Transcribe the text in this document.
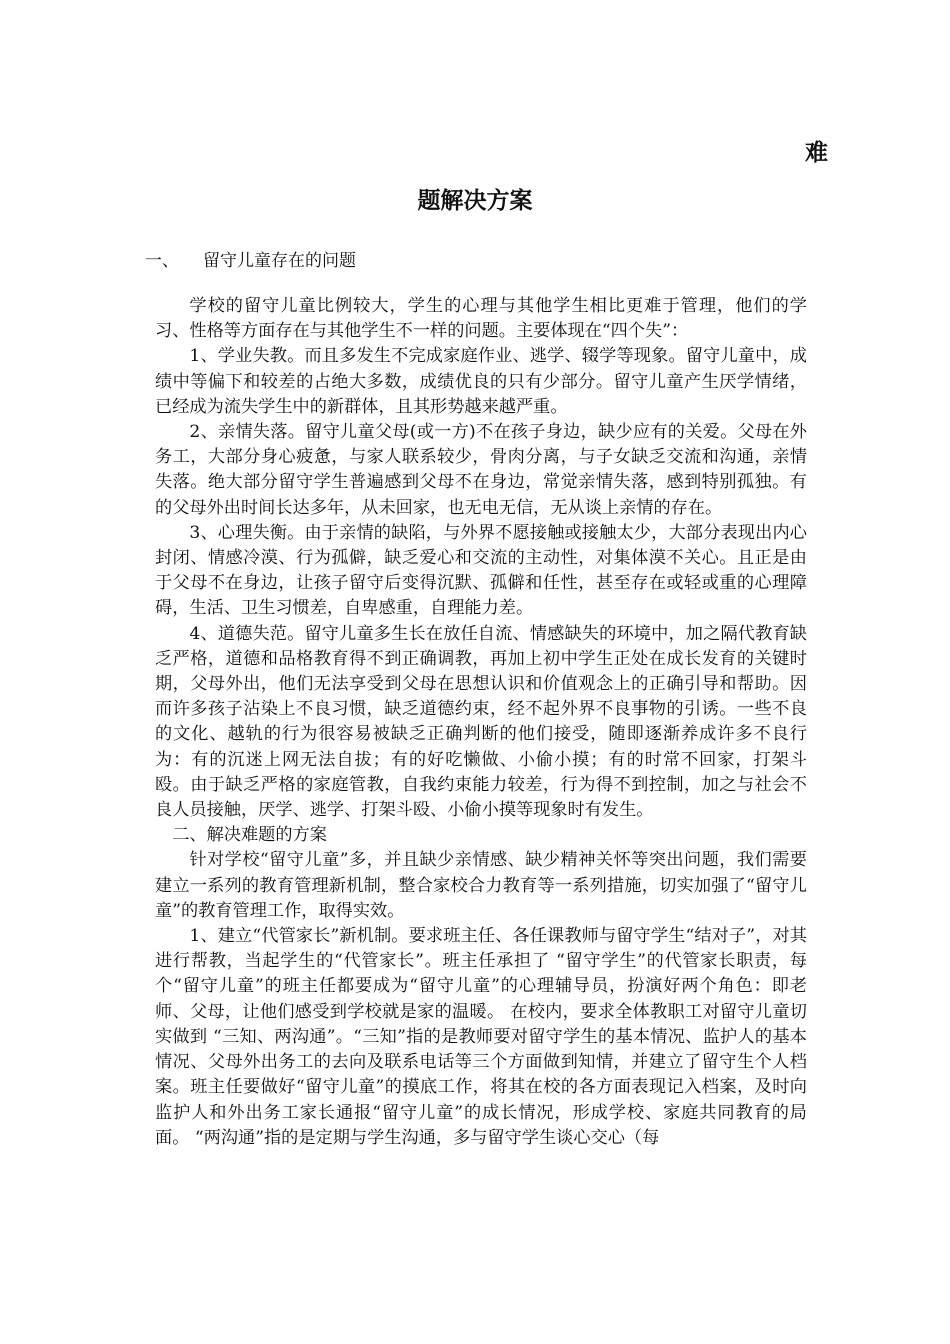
难
题解决方案
一、 留守儿童存在的问题

学校的留守儿童比例较大，学生的心理与其他学生相比更难于管理，他们的学习、性格等方面存在与其他学生不一样的问题。主要体现在“四个失”：

1、学业失教。而且多发生不完成家庭作业、逃学、辍学等现象。留守儿童中，成绩中等偏下和较差的占绝大多数，成绩优良的只有少部分。留守儿童产生厌学情绪，已经成为流失学生中的新群体，且其形势越来越严重。

2、亲情失落。留守儿童父母(或一方)不在孩子身边，缺少应有的关爱。父母在外务工，大部分身心疲惫，与家人联系较少，骨肉分离，与子女缺乏交流和沟通，亲情失落。绝大部分留守学生普遍感到父母不在身边，常觉亲情失落，感到特别孤独。有的父母外出时间长达多年，从未回家，也无电无信，无从谈上亲情的存在。

3、心理失衡。由于亲情的缺陷，与外界不愿接触或接触太少，大部分表现出内心封闭、情感冷漠、行为孤僻，缺乏爱心和交流的主动性，对集体漠不关心。且正是由于父母不在身边，让孩子留守后变得沉默、孤僻和任性，甚至存在或轻或重的心理障碍，生活、卫生习惯差，自卑感重，自理能力差。

4、道德失范。留守儿童多生长在放任自流、情感缺失的环境中，加之隔代教育缺乏严格，道德和品格教育得不到正确调教，再加上初中学生正处在成长发育的关键时期，父母外出，他们无法享受到父母在思想认识和价值观念上的正确引导和帮助。因而许多孩子沾染上不良习惯，缺乏道德约束，经不起外界不良事物的引诱。一些不良的文化、越轨的行为很容易被缺乏正确判断的他们接受，随即逐渐养成许多不良行为：有的沉迷上网无法自拔；有的好吃懒做、小偷小摸；有的时常不回家，打架斗殴。由于缺乏严格的家庭管教，自我约束能力较差，行为得不到控制，加之与社会不良人员接触，厌学、逃学、打架斗殴、小偷小摸等现象时有发生。

二、解决难题的方案

针对学校“留守儿童”多，并且缺少亲情感、缺少精神关怀等突出问题，我们需要建立一系列的教育管理新机制，整合家校合力教育等一系列措施，切实加强了“留守儿童”的教育管理工作，取得实效。

1、建立“代管家长”新机制。要求班主任、各任课教师与留守学生“结对子”，对其进行帮教，当起学生的“代管家长”。班主任承担了 “留守学生”的代管家长职责，每个“留守儿童”的班主任都要成为“留守儿童”的心理辅导员，扮演好两个角色：即老师、父母，让他们感受到学校就是家的温暖。 在校内，要求全体教职工对留守儿童切实做到 “三知、两沟通”。“三知”指的是教师要对留守学生的基本情况、监护人的基本情况、父母外出务工的去向及联系电话等三个方面做到知情，并建立了留守生个人档案。班主任要做好“留守儿童”的摸底工作，将其在校的各方面表现记入档案，及时向监护人和外出务工家长通报“留守儿童”的成长情况，形成学校、家庭共同教育的局面。 “两沟通”指的是定期与学生沟通，多与留守学生谈心交心（每
